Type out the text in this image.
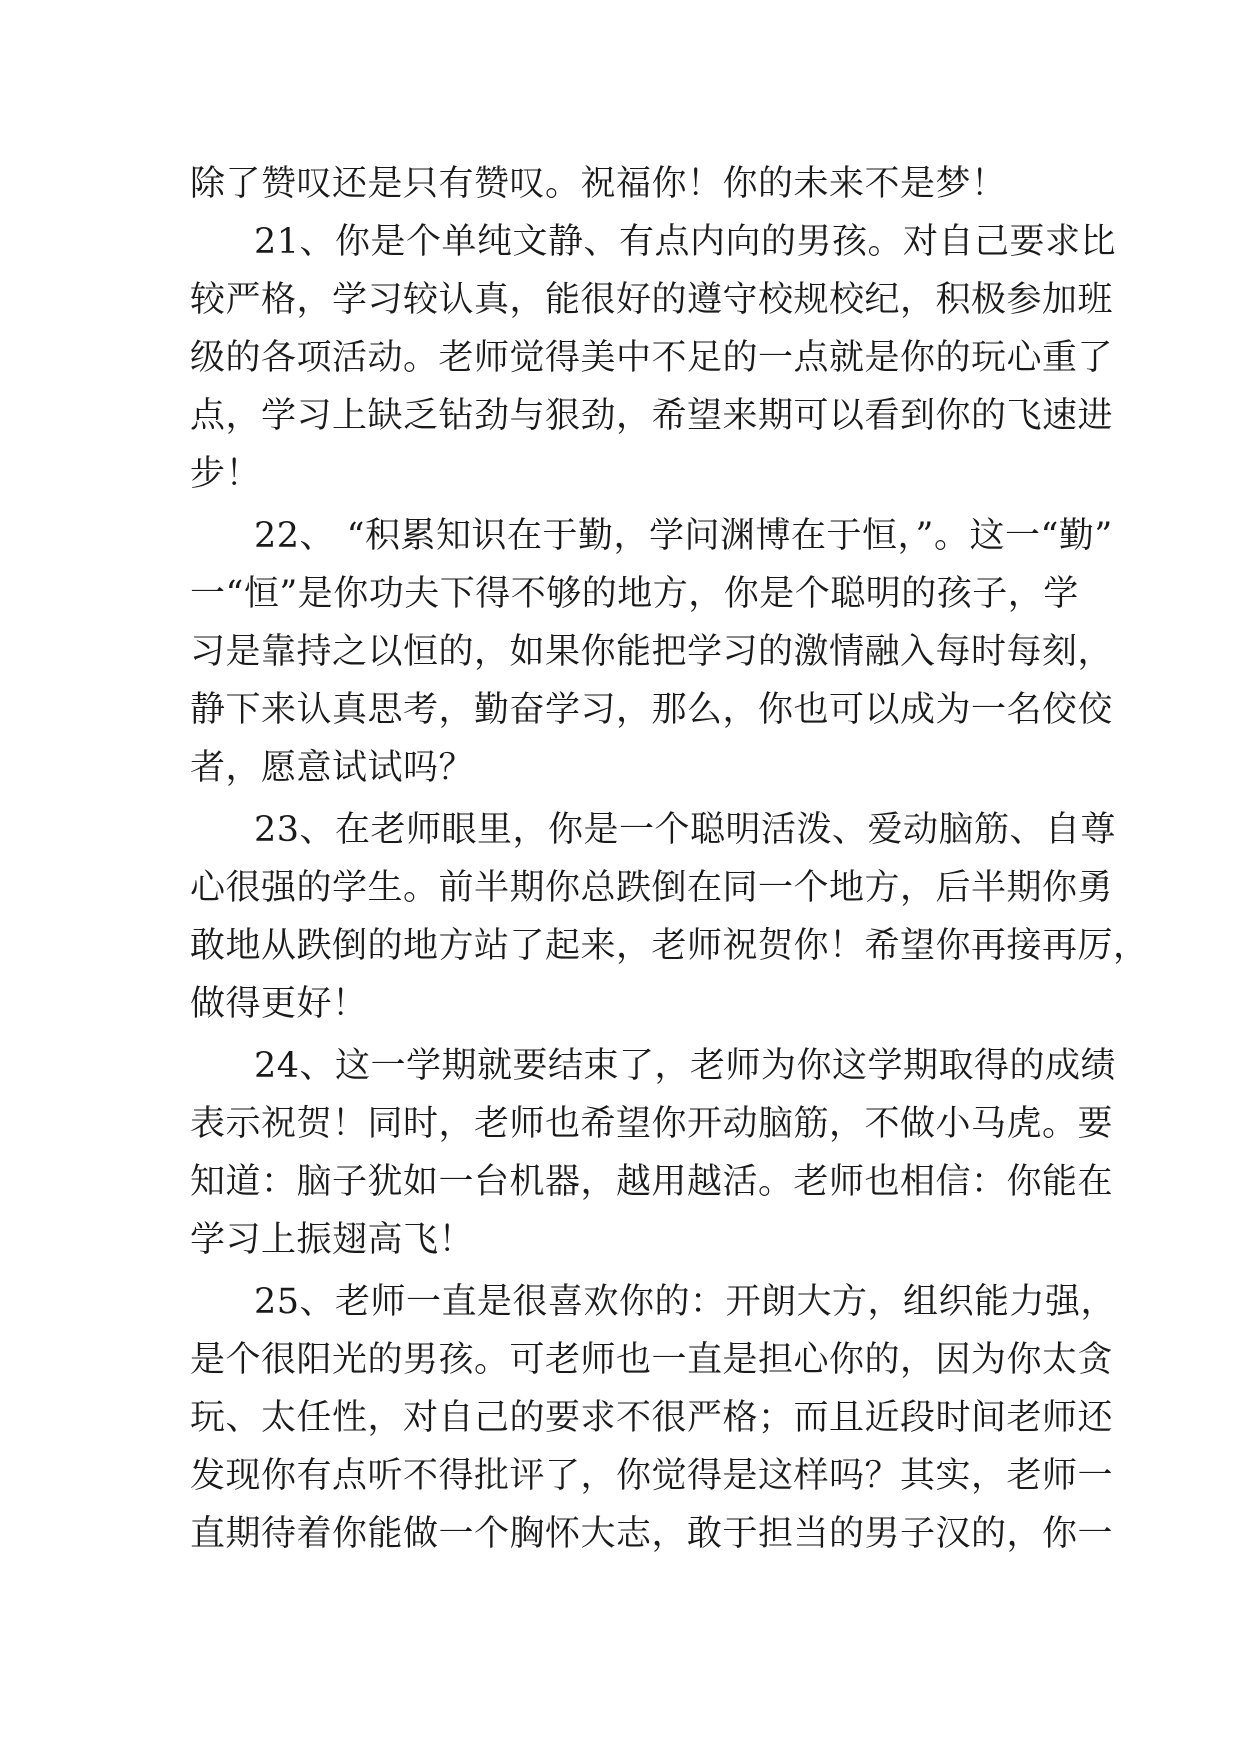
除了赞叹还是只有赞叹。祝福你！你的未来不是梦！
21、你是个单纯文静、有点内向的男孩。对自己要求比
较严格，学习较认真，能很好的遵守校规校纪，积极参加班
级的各项活动。老师觉得美中不足的一点就是你的玩心重了
点，学习上缺乏钻劲与狠劲，希望来期可以看到你的飞速进
步！
22、 “积累知识在于勤，学问渊博在于恒，”。这一“勤”
一“恒”是你功夫下得不够的地方，你是个聪明的孩子，学
习是靠持之以恒的，如果你能把学习的激情融入每时每刻，
静下来认真思考，勤奋学习，那么，你也可以成为一名佼佼
者，愿意试试吗？
23、在老师眼里，你是一个聪明活泼、爱动脑筋、自尊
心很强的学生。前半期你总跌倒在同一个地方，后半期你勇
敢地从跌倒的地方站了起来，老师祝贺你！希望你再接再厉，
做得更好！
24、这一学期就要结束了，老师为你这学期取得的成绩
表示祝贺！同时，老师也希望你开动脑筋，不做小马虎。要
知道：脑子犹如一台机器，越用越活。老师也相信：你能在
学习上振翅高飞！
25、老师一直是很喜欢你的：开朗大方，组织能力强，
是个很阳光的男孩。可老师也一直是担心你的，因为你太贪
玩、太任性，对自己的要求不很严格；而且近段时间老师还
发现你有点听不得批评了，你觉得是这样吗？其实，老师一
直期待着你能做一个胸怀大志，敢于担当的男子汉的，你一
